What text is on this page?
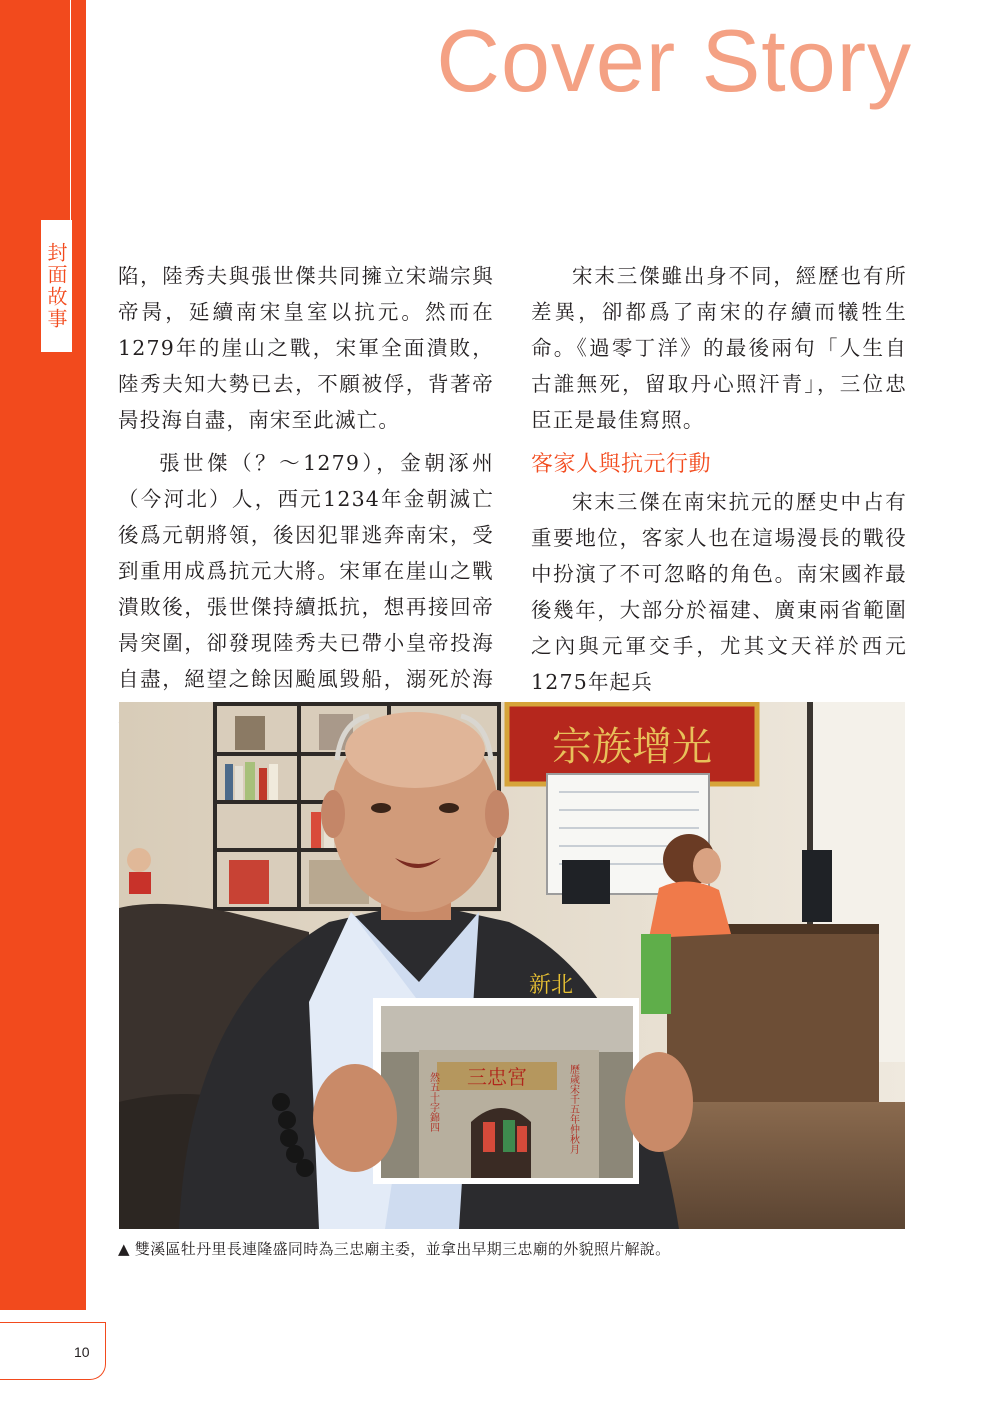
封面故事
Cover Story

陷，陸秀夫與張世傑共同擁立宋端宗與帝昺，延續南宋皇室以抗元。然而在1279年的崖山之戰，宋軍全面潰敗，陸秀夫知大勢已去，不願被俘，背著帝昺投海自盡，南宋至此滅亡。

張世傑（？～1279），金朝涿州（今河北）人，西元1234年金朝滅亡後爲元朝將領，後因犯罪逃奔南宋，受到重用成爲抗元大將。宋軍在崖山之戰潰敗後，張世傑持續抵抗，想再接回帝昺突圍，卻發現陸秀夫已帶小皇帝投海自盡，絕望之餘因颱風毀船，溺死於海

宋末三傑雖出身不同，經歷也有所差異，卻都爲了南宋的存續而犧牲生命。《過零丁洋》的最後兩句「人生自古誰無死，留取丹心照汗青」，三位忠臣正是最佳寫照。

客家人與抗元行動

宋末三傑在南宋抗元的歷史中占有重要地位，客家人也在這場漫長的戰役中扮演了不可忽略的角色。南宋國祚最後幾年，大部分於福建、廣東兩省範圍之內與元軍交手，尤其文天祥於西元1275年起兵

宗族增光
新北
三忠宮
然五十字錦四	歷歲宋千五年仲秋月
▲ 雙溪區牡丹里長連隆盛同時為三忠廟主委，並拿出早期三忠廟的外貌照片解說。
10
